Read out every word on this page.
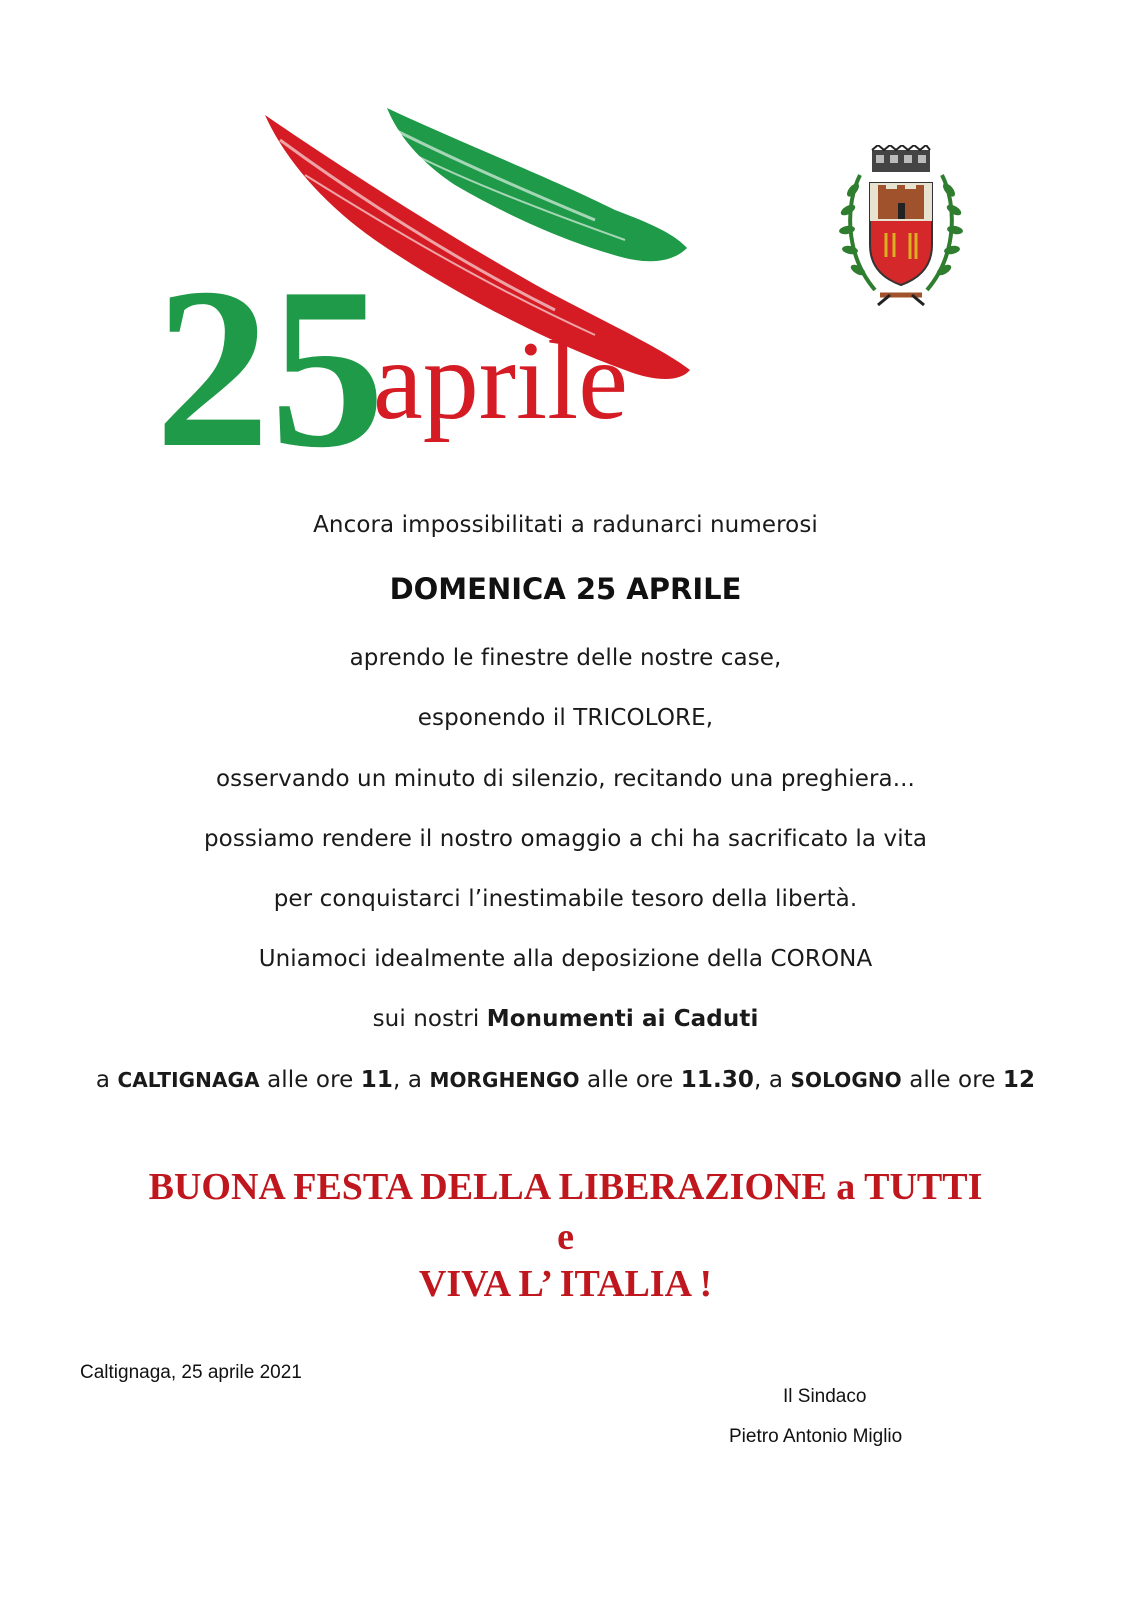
25
aprile
Ancora impossibilitati a radunarci numerosi
DOMENICA 25 APRILE
aprendo le finestre delle nostre case,
esponendo il TRICOLORE,
osservando un minuto di silenzio, recitando una preghiera...
possiamo rendere il nostro omaggio a chi ha sacrificato la vita
per conquistarci l’inestimabile tesoro della libertà.
Uniamoci idealmente alla deposizione della CORONA
sui nostri Monumenti ai Caduti
a CALTIGNAGA alle ore 11, a MORGHENGO alle ore 11.30, a SOLOGNO alle ore 12
BUONA FESTA DELLA LIBERAZIONE a TUTTI
e
VIVA L’ ITALIA !
Caltignaga, 25 aprile 2021
Il Sindaco
Pietro Antonio Miglio
